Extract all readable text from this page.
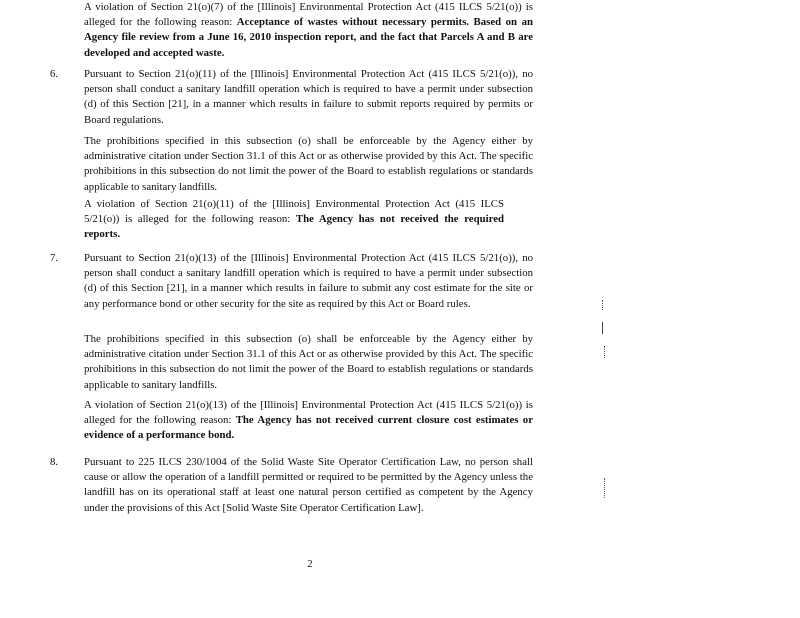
A violation of Section 21(o)(7) of the [Illinois] Environmental Protection Act (415 ILCS 5/21(o)) is alleged for the following reason: Acceptance of wastes without necessary permits. Based on an Agency file review from a June 16, 2010 inspection report, and the fact that Parcels A and B are developed and accepted waste.

6. Pursuant to Section 21(o)(11) of the [Illinois] Environmental Protection Act (415 ILCS 5/21(o)), no person shall conduct a sanitary landfill operation which is required to have a permit under subsection (d) of this Section [21], in a manner which results in failure to submit reports required by permits or Board regulations.

The prohibitions specified in this subsection (o) shall be enforceable by the Agency either by administrative citation under Section 31.1 of this Act or as otherwise provided by this Act. The specific prohibitions in this subsection do not limit the power of the Board to establish regulations or standards applicable to sanitary landfills.

A violation of Section 21(o)(11) of the [Illinois] Environmental Protection Act (415 ILCS 5/21(o)) is alleged for the following reason: The Agency has not received the required reports.

7. Pursuant to Section 21(o)(13) of the [Illinois] Environmental Protection Act (415 ILCS 5/21(o)), no person shall conduct a sanitary landfill operation which is required to have a permit under subsection (d) of this Section [21], in a manner which results in failure to submit any cost estimate for the site or any performance bond or other security for the site as required by this Act or Board rules.

The prohibitions specified in this subsection (o) shall be enforceable by the Agency either by administrative citation under Section 31.1 of this Act or as otherwise provided by this Act. The specific prohibitions in this subsection do not limit the power of the Board to establish regulations or standards applicable to sanitary landfills.

A violation of Section 21(o)(13) of the [Illinois] Environmental Protection Act (415 ILCS 5/21(o)) is alleged for the following reason: The Agency has not received current closure cost estimates or evidence of a performance bond.

8. Pursuant to 225 ILCS 230/1004 of the Solid Waste Site Operator Certification Law, no person shall cause or allow the operation of a landfill permitted or required to be permitted by the Agency unless the landfill has on its operational staff at least one natural person certified as competent by the Agency under the provisions of this Act [Solid Waste Site Operator Certification Law].

2
